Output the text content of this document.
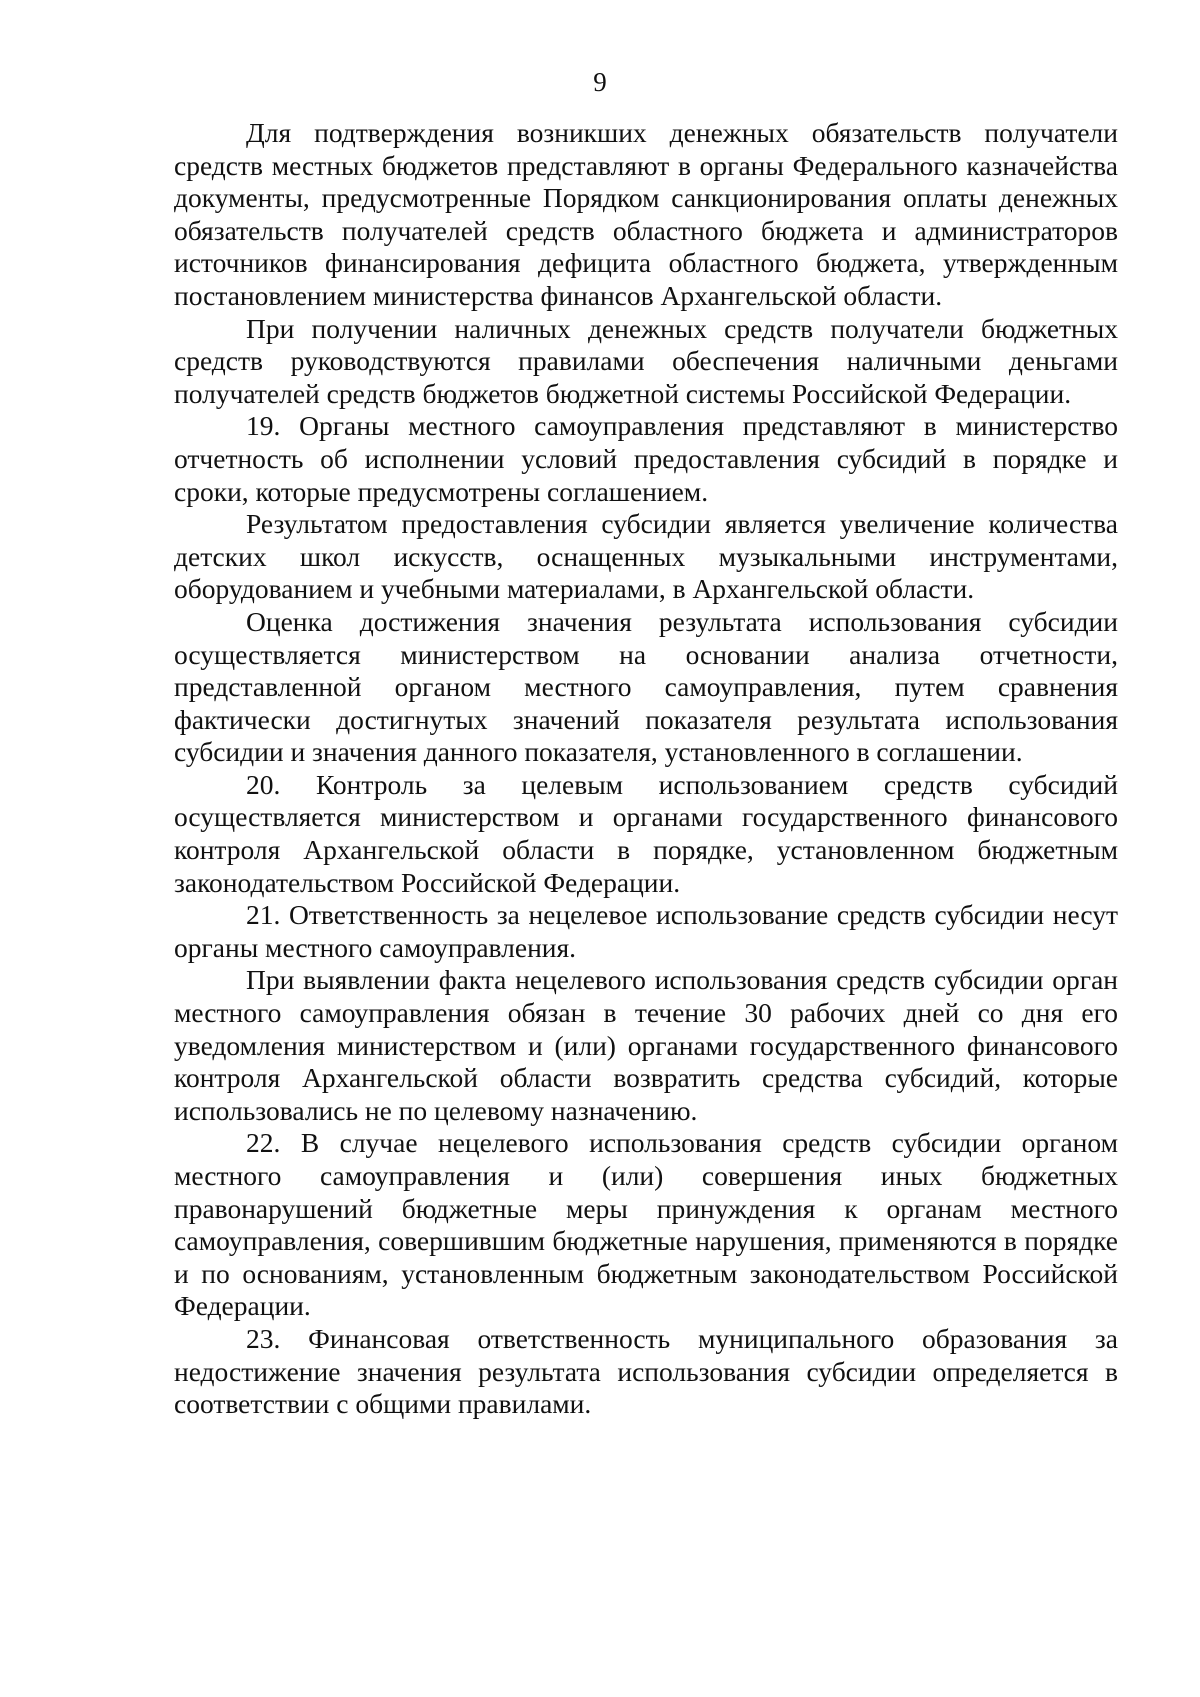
9

Для подтверждения возникших денежных обязательств получатели средств местных бюджетов представляют в органы Федерального казначейства документы, предусмотренные Порядком санкционирования оплаты денежных обязательств получателей средств областного бюджета и администраторов источников финансирования дефицита областного бюджета, утвержденным постановлением министерства финансов Архангельской области.

При получении наличных денежных средств получатели бюджетных средств руководствуются правилами обеспечения наличными деньгами получателей средств бюджетов бюджетной системы Российской Федерации.

19. Органы местного самоуправления представляют в министерство отчетность об исполнении условий предоставления субсидий в порядке и сроки, которые предусмотрены соглашением.

Результатом предоставления субсидии является увеличение количества детских школ искусств, оснащенных музыкальными инструментами, оборудованием и учебными материалами, в Архангельской области.

Оценка достижения значения результата использования субсидии осуществляется министерством на основании анализа отчетности, представленной органом местного самоуправления, путем сравнения фактически достигнутых значений показателя результата использования субсидии и значения данного показателя, установленного в соглашении.

20. Контроль за целевым использованием средств субсидий осуществляется министерством и органами государственного финансового контроля Архангельской области в порядке, установленном бюджетным законодательством Российской Федерации.

21. Ответственность за нецелевое использование средств субсидии несут органы местного самоуправления.

При выявлении факта нецелевого использования средств субсидии орган местного самоуправления обязан в течение 30 рабочих дней со дня его уведомления министерством и (или) органами государственного финансового контроля Архангельской области возвратить средства субсидий, которые использовались не по целевому назначению.

22. В случае нецелевого использования средств субсидии органом местного самоуправления и (или) совершения иных бюджетных правонарушений бюджетные меры принуждения к органам местного самоуправления, совершившим бюджетные нарушения, применяются в порядке и по основаниям, установленным бюджетным законодательством Российской Федерации.

23. Финансовая ответственность муниципального образования за недостижение значения результата использования субсидии определяется в соответствии с общими правилами.
